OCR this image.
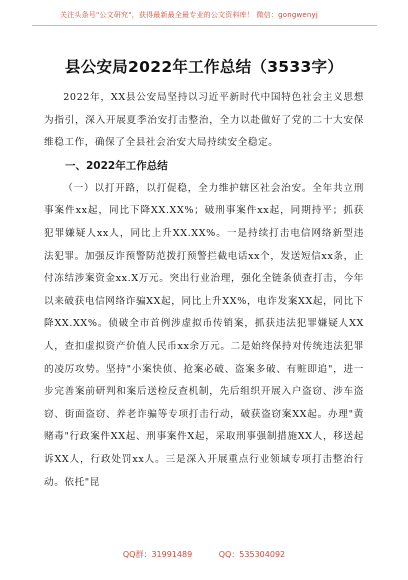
关注头条号"公文研究"，获得最新最全最专业的公文资料库！ 微信：gongwenyj
县公安局2022年工作总结（3533字）

2022年，XX县公安局坚持以习近平新时代中国特色社会主义思想为指引，深入开展夏季治安打击整治，全力以赴做好了党的二十大安保维稳工作，确保了全县社会治安大局持续安全稳定。

一、2022年工作总结

（一）以打开路，以打促稳，全力维护辖区社会治安。全年共立刑事案件xx起，同比下降XX.XX%；破刑事案件xx起，同期持平；抓获犯罪嫌疑人xx人，同比上升XX.XX%。一是持续打击电信网络新型违法犯罪。加强反诈预警防范拨打预警拦截电话xx个，发送短信xx条，止付冻结涉案资金xx.X万元。突出行业治理，强化全链条侦查打击，今年以来破获电信网络诈骗XX起，同比上升XX%，电诈发案XX起，同比下降XX.XX%。侦破全市首例涉虚拟币传销案，抓获违法犯罪嫌疑人XX人，查扣虚拟资产价值人民币xx余万元。二是始终保持对传统违法犯罪的凌厉攻势。坚持"小案快侦、抢案必破、盗案多破、有赃即追"，进一步完善案前研判和案后送检反查机制，先后组织开展入户盗窃、涉车盗窃、街面盗窃、养老诈骗等专项打击行动，破获盗窃案XX起。办理"黄赌毒"行政案件XX起、刑事案件X起，采取刑事强制措施XX人，移送起诉XX人，行政处罚xx人。三是深入开展重点行业领域专项打击整治行动。依托"昆

QQ群：31991489	QQ：535304092
